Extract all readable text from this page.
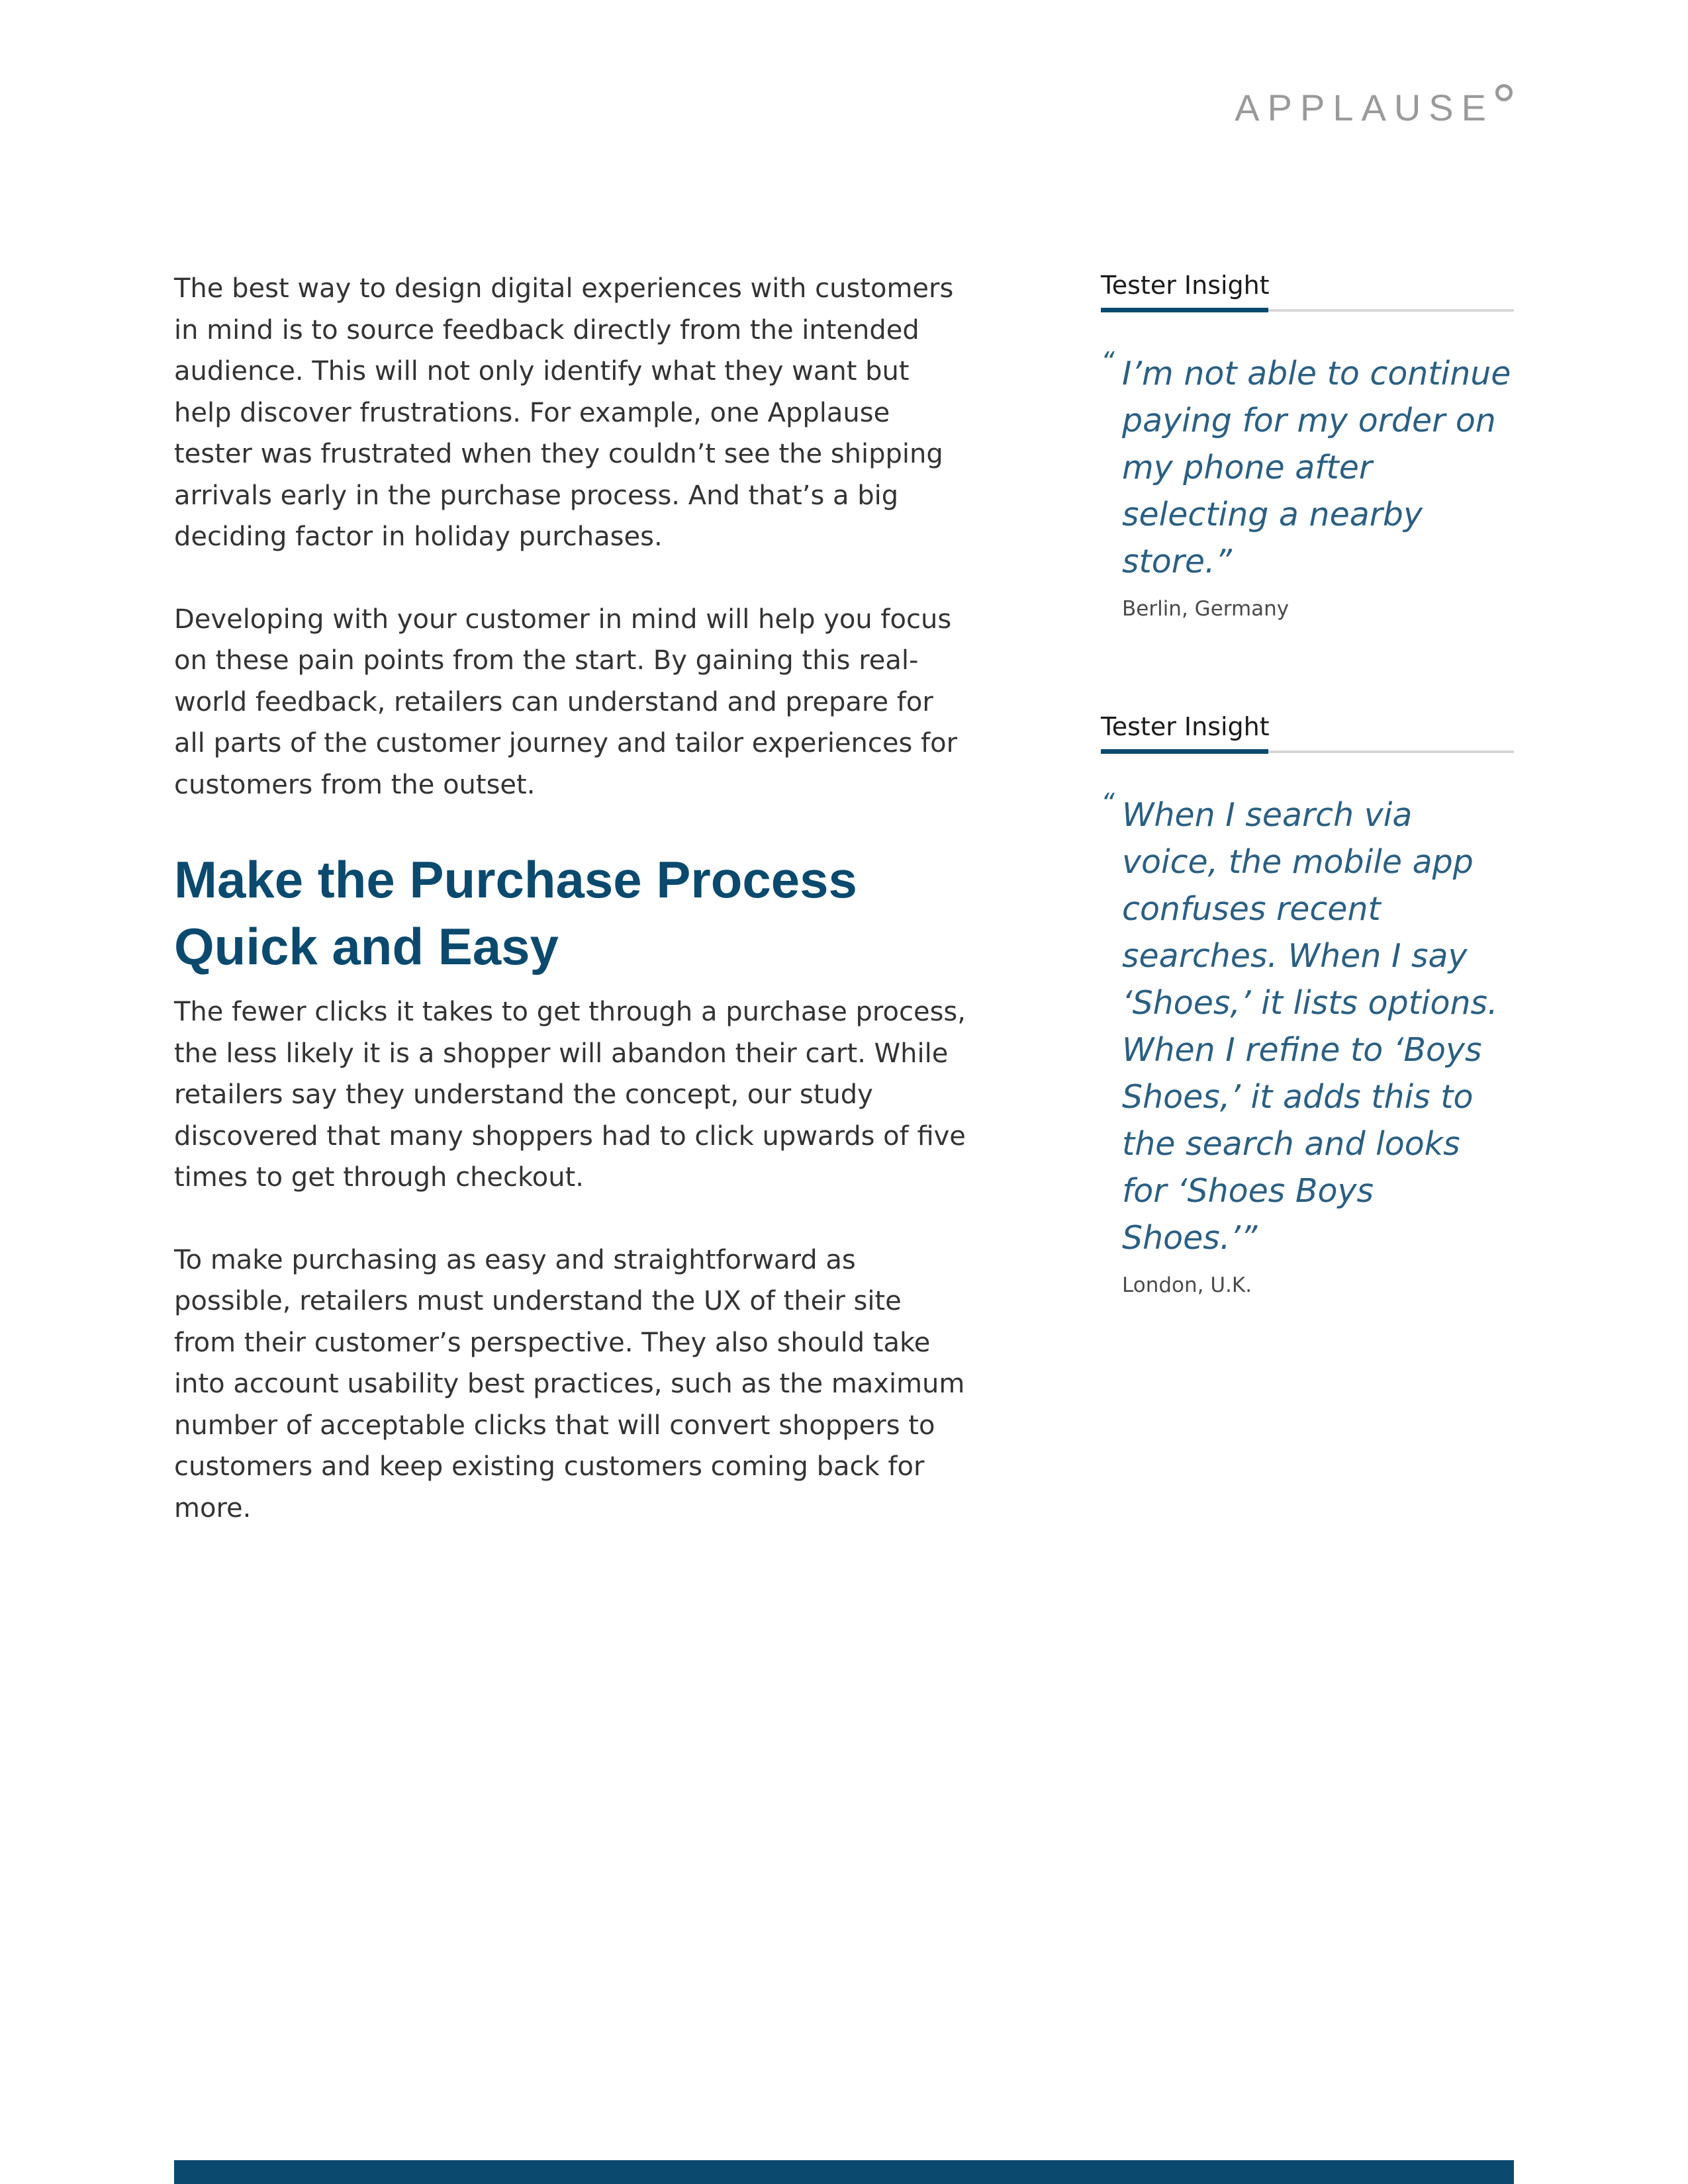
APPLAUSE

The best way to design digital experiences with customers in mind is to source feedback directly from the intended audience. This will not only identify what they want but help discover frustrations. For example, one Applause tester was frustrated when they couldn’t see the shipping arrivals early in the purchase process. And that’s a big deciding factor in holiday purchases.

Developing with your customer in mind will help you focus on these pain points from the start. By gaining this real-world feedback, retailers can understand and prepare for all parts of the customer journey and tailor experiences for customers from the outset.

Make the Purchase Process Quick and Easy

The fewer clicks it takes to get through a purchase process, the less likely it is a shopper will abandon their cart. While retailers say they understand the concept, our study discovered that many shoppers had to click upwards of five times to get through checkout.

To make purchasing as easy and straightforward as possible, retailers must understand the UX of their site from their customer’s perspective. They also should take into account usability best practices, such as the maximum number of acceptable clicks that will convert shoppers to customers and keep existing customers coming back for more.

Tester Insight
“ I’m not able to continue paying for my order on my phone after selecting a nearby store.”

Berlin, Germany
Tester Insight
“ When I search via voice, the mobile app confuses recent searches. When I say ‘Shoes,’ it lists options. When I refine to ‘Boys Shoes,’ it adds this to the search and looks for ‘Shoes Boys Shoes.’”

London, U.K.
